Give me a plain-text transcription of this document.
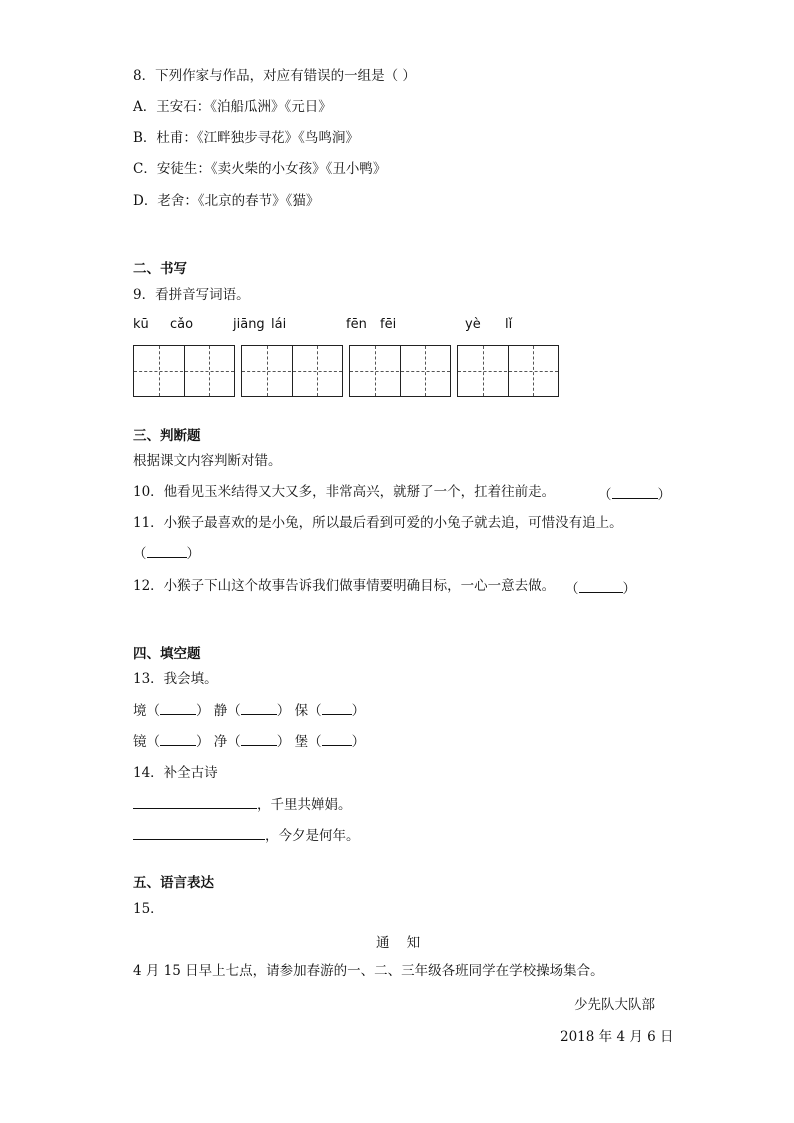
8．下列作家与作品，对应有错误的一组是（ ）
A．王安石：《泊船瓜洲》《元日》
B．杜甫：《江畔独步寻花》《鸟鸣涧》
C．安徒生：《卖火柴的小女孩》《丑小鸭》
D．老舍：《北京的春节》《猫》
二、书写
9．看拼音写词语。
kū cǎo	jiāng lái	fēn fēi	yè lǐ
三、判断题
根据课文内容判断对错。
10．他看见玉米结得又大又多，非常高兴，就掰了一个，扛着往前走。	（	）
11．小猴子最喜欢的是小兔，所以最后看到可爱的小兔子就去追，可惜没有追上。
（	）
12．小猴子下山这个故事告诉我们做事情要明确目标，一心一意去做。 （	）
四、填空题
13．我会填。
境（	） 静（	） 保（ ）
镜（	） 净（	） 堡（ ）
14．补全古诗
，千里共婵娟。
，今夕是何年。
五、语言表达
15．
通    知
4 月 15 日早上七点，请参加春游的一、二、三年级各班同学在学校操场集合。
少先队大队部
2018 年 4 月 6 日
